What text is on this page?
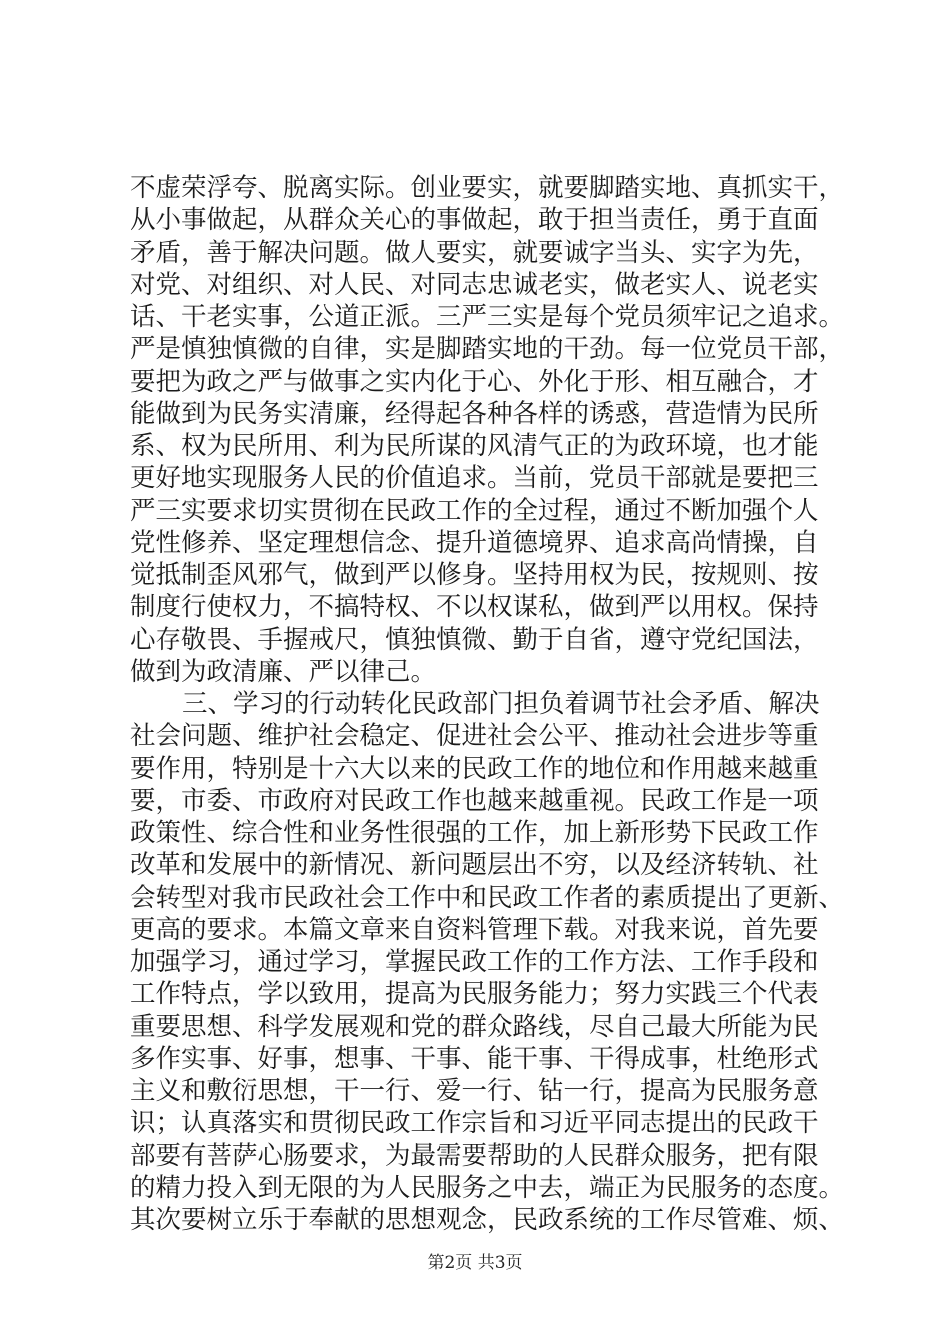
不虚荣浮夸、脱离实际。创业要实，就要脚踏实地、真抓实干，
从小事做起，从群众关心的事做起，敢于担当责任，勇于直面
矛盾，善于解决问题。做人要实，就要诚字当头、实字为先，
对党、对组织、对人民、对同志忠诚老实，做老实人、说老实
话、干老实事，公道正派。三严三实是每个党员须牢记之追求。
严是慎独慎微的自律，实是脚踏实地的干劲。每一位党员干部，
要把为政之严与做事之实内化于心、外化于形、相互融合，才
能做到为民务实清廉，经得起各种各样的诱惑，营造情为民所
系、权为民所用、利为民所谋的风清气正的为政环境，也才能
更好地实现服务人民的价值追求。当前，党员干部就是要把三
严三实要求切实贯彻在民政工作的全过程，通过不断加强个人
党性修养、坚定理想信念、提升道德境界、追求高尚情操，自
觉抵制歪风邪气，做到严以修身。坚持用权为民，按规则、按
制度行使权力，不搞特权、不以权谋私，做到严以用权。保持
心存敬畏、手握戒尺，慎独慎微、勤于自省，遵守党纪国法，
做到为政清廉、严以律己。
三、学习的行动转化民政部门担负着调节社会矛盾、解决
社会问题、维护社会稳定、促进社会公平、推动社会进步等重
要作用，特别是十六大以来的民政工作的地位和作用越来越重
要，市委、市政府对民政工作也越来越重视。民政工作是一项
政策性、综合性和业务性很强的工作，加上新形势下民政工作
改革和发展中的新情况、新问题层出不穷，以及经济转轨、社
会转型对我市民政社会工作中和民政工作者的素质提出了更新、
更高的要求。本篇文章来自资料管理下载。对我来说，首先要
加强学习，通过学习，掌握民政工作的工作方法、工作手段和
工作特点，学以致用，提高为民服务能力；努力实践三个代表
重要思想、科学发展观和党的群众路线，尽自己最大所能为民
多作实事、好事，想事、干事、能干事、干得成事，杜绝形式
主义和敷衍思想，干一行、爱一行、钻一行，提高为民服务意
识；认真落实和贯彻民政工作宗旨和习近平同志提出的民政干
部要有菩萨心肠要求，为最需要帮助的人民群众服务，把有限
的精力投入到无限的为人民服务之中去，端正为民服务的态度。
其次要树立乐于奉献的思想观念，民政系统的工作尽管难、烦、
第2页 共3页
